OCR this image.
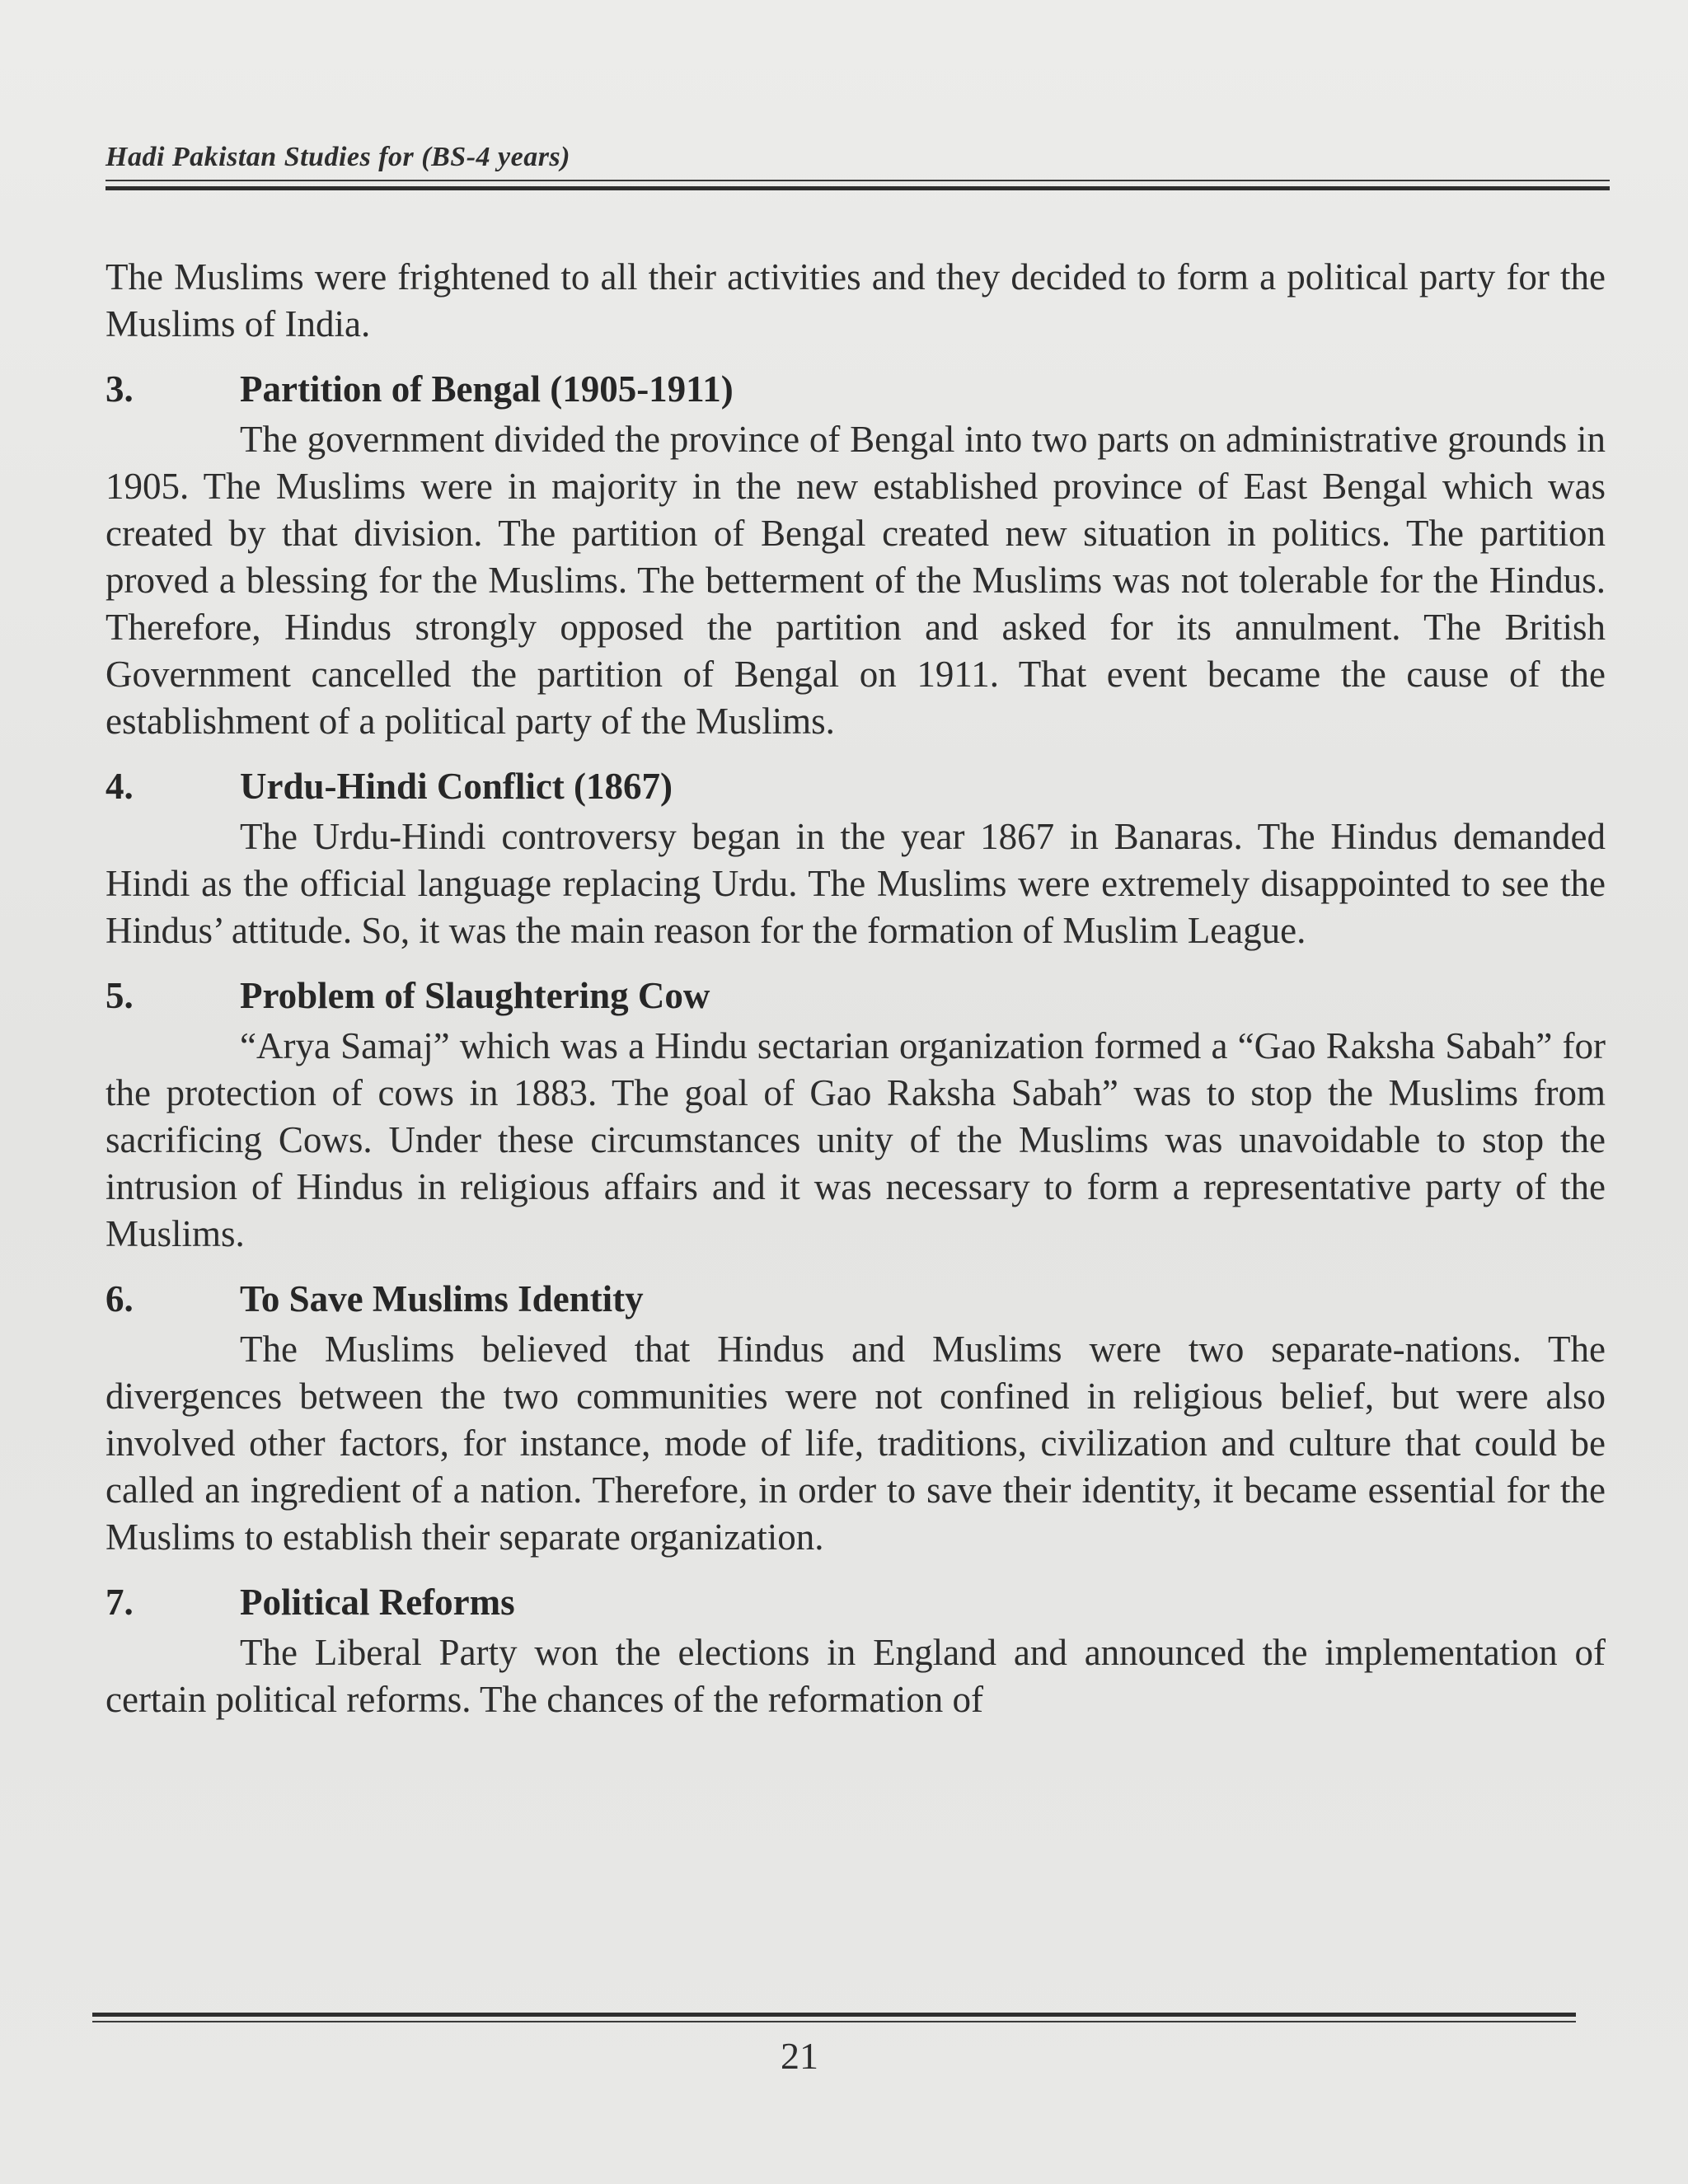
Hadi Pakistan Studies for (BS-4 years)

The Muslims were frightened to all their activities and they decided to form a political party for the Muslims of India.

3.	Partition of Bengal (1905-1911)

The government divided the province of Bengal into two parts on administrative grounds in 1905. The Muslims were in majority in the new established province of East Bengal which was created by that division. The partition of Bengal created new situation in politics. The partition proved a blessing for the Muslims. The betterment of the Muslims was not tolerable for the Hindus. Therefore, Hindus strongly opposed the partition and asked for its annulment. The British Government cancelled the partition of Bengal on 1911. That event became the cause of the establishment of a political party of the Muslims.

4.	Urdu-Hindi Conflict (1867)

The Urdu-Hindi controversy began in the year 1867 in Banaras. The Hindus demanded Hindi as the official language replacing Urdu. The Muslims were extremely disappointed to see the Hindus’ attitude. So, it was the main reason for the formation of Muslim League.

5.	Problem of Slaughtering Cow

“Arya Samaj” which was a Hindu sectarian organization formed a “Gao Raksha Sabah” for the protection of cows in 1883. The goal of Gao Raksha Sabah” was to stop the Muslims from sacrificing Cows. Under these circumstances unity of the Muslims was unavoidable to stop the intrusion of Hindus in religious affairs and it was necessary to form a representative party of the Muslims.

6.	To Save Muslims Identity

The Muslims believed that Hindus and Muslims were two separate-nations. The divergences between the two communities were not confined in religious belief, but were also involved other factors, for instance, mode of life, traditions, civilization and culture that could be called an ingredient of a nation. Therefore, in order to save their identity, it became essential for the Muslims to establish their separate organization.

7.	Political Reforms

The Liberal Party won the elections in England and announced the implementation of certain political reforms. The chances of the reformation of

21
